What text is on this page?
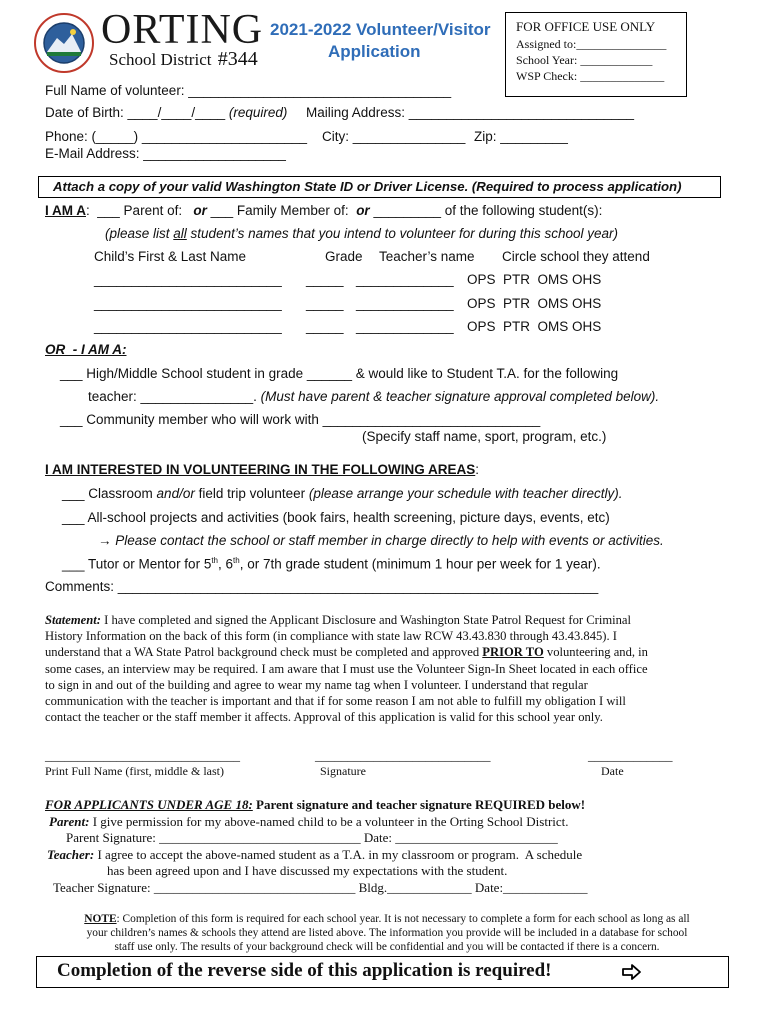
ORTING
School District #344
2021-2022 Volunteer/Visitor
Application
FOR OFFICE USE ONLY
Assigned to:_______________
School Year: ____________
WSP Check: ______________
Full Name of volunteer: ___________________________________
Date of Birth: ____/____/____ (required) Mailing Address: ______________________________
Phone: (_____) ______________________ City: _______________ Zip: _________
E-Mail Address: ___________________
Attach a copy of your valid Washington State ID or Driver License. (Required to process application)
I AM A: ___ Parent of: or ___ Family Member of: or _________ of the following student(s):
(please list all student’s names that you intend to volunteer for during this school year)
Child’s First & Last Name	Grade Teacher’s name Circle school they attend
_________________________ _____ _____________ OPS  PTR  OMS OHS
_________________________ _____ _____________ OPS  PTR  OMS OHS
_________________________ _____ _____________ OPS  PTR  OMS OHS
OR  - I AM A:
___ High/Middle School student in grade ______ & would like to Student T.A. for the following
teacher: _______________. (Must have parent & teacher signature approval completed below).
___ Community member who will work with _____________________________
(Specify staff name, sport, program, etc.)
I AM INTERESTED IN VOLUNTEERING IN THE FOLLOWING AREAS:
___ Classroom and/or field trip volunteer (please arrange your schedule with teacher directly).
___ All-school projects and activities (book fairs, health screening, picture days, events, etc)
→ Please contact the school or staff member in charge directly to help with events or activities.
___ Tutor or Mentor for 5th, 6th, or 7th grade student (minimum 1 hour per week for 1 year).
Comments: ________________________________________________________________
Statement: I have completed and signed the Applicant Disclosure and Washington State Patrol Request for Criminal
History Information on the back of this form (in compliance with state law RCW 43.43.830 through 43.43.845). I
understand that a WA State Patrol background check must be completed and approved PRIOR TO volunteering and, in
some cases, an interview may be required. I am aware that I must use the Volunteer Sign-In Sheet located in each office
to sign in and out of the building and agree to wear my name tag when I volunteer. I understand that regular
communication with the teacher is important and that if for some reason I am not able to fulfill my obligation I will
contact the teacher or the staff member it affects. Approval of this application is valid for this school year only.
______________________________	___________________________	_____________
Print Full Name (first, middle & last)	Signature	Date
FOR APPLICANTS UNDER AGE 18: Parent signature and teacher signature REQUIRED below!
Parent: I give permission for my above-named child to be a volunteer in the Orting School District.
Parent Signature: _______________________________ Date: _________________________
Teacher: I agree to accept the above-named student as a T.A. in my classroom or program.  A schedule
has been agreed upon and I have discussed my expectations with the student.
Teacher Signature: _______________________________ Bldg._____________ Date:_____________
NOTE: Completion of this form is required for each school year. It is not necessary to complete a form for each school as long as all
your children’s names & schools they attend are listed above. The information you provide will be included in a database for school
staff use only. The results of your background check will be confidential and you will be contacted if there is a concern.
Completion of the reverse side of this application is required!
